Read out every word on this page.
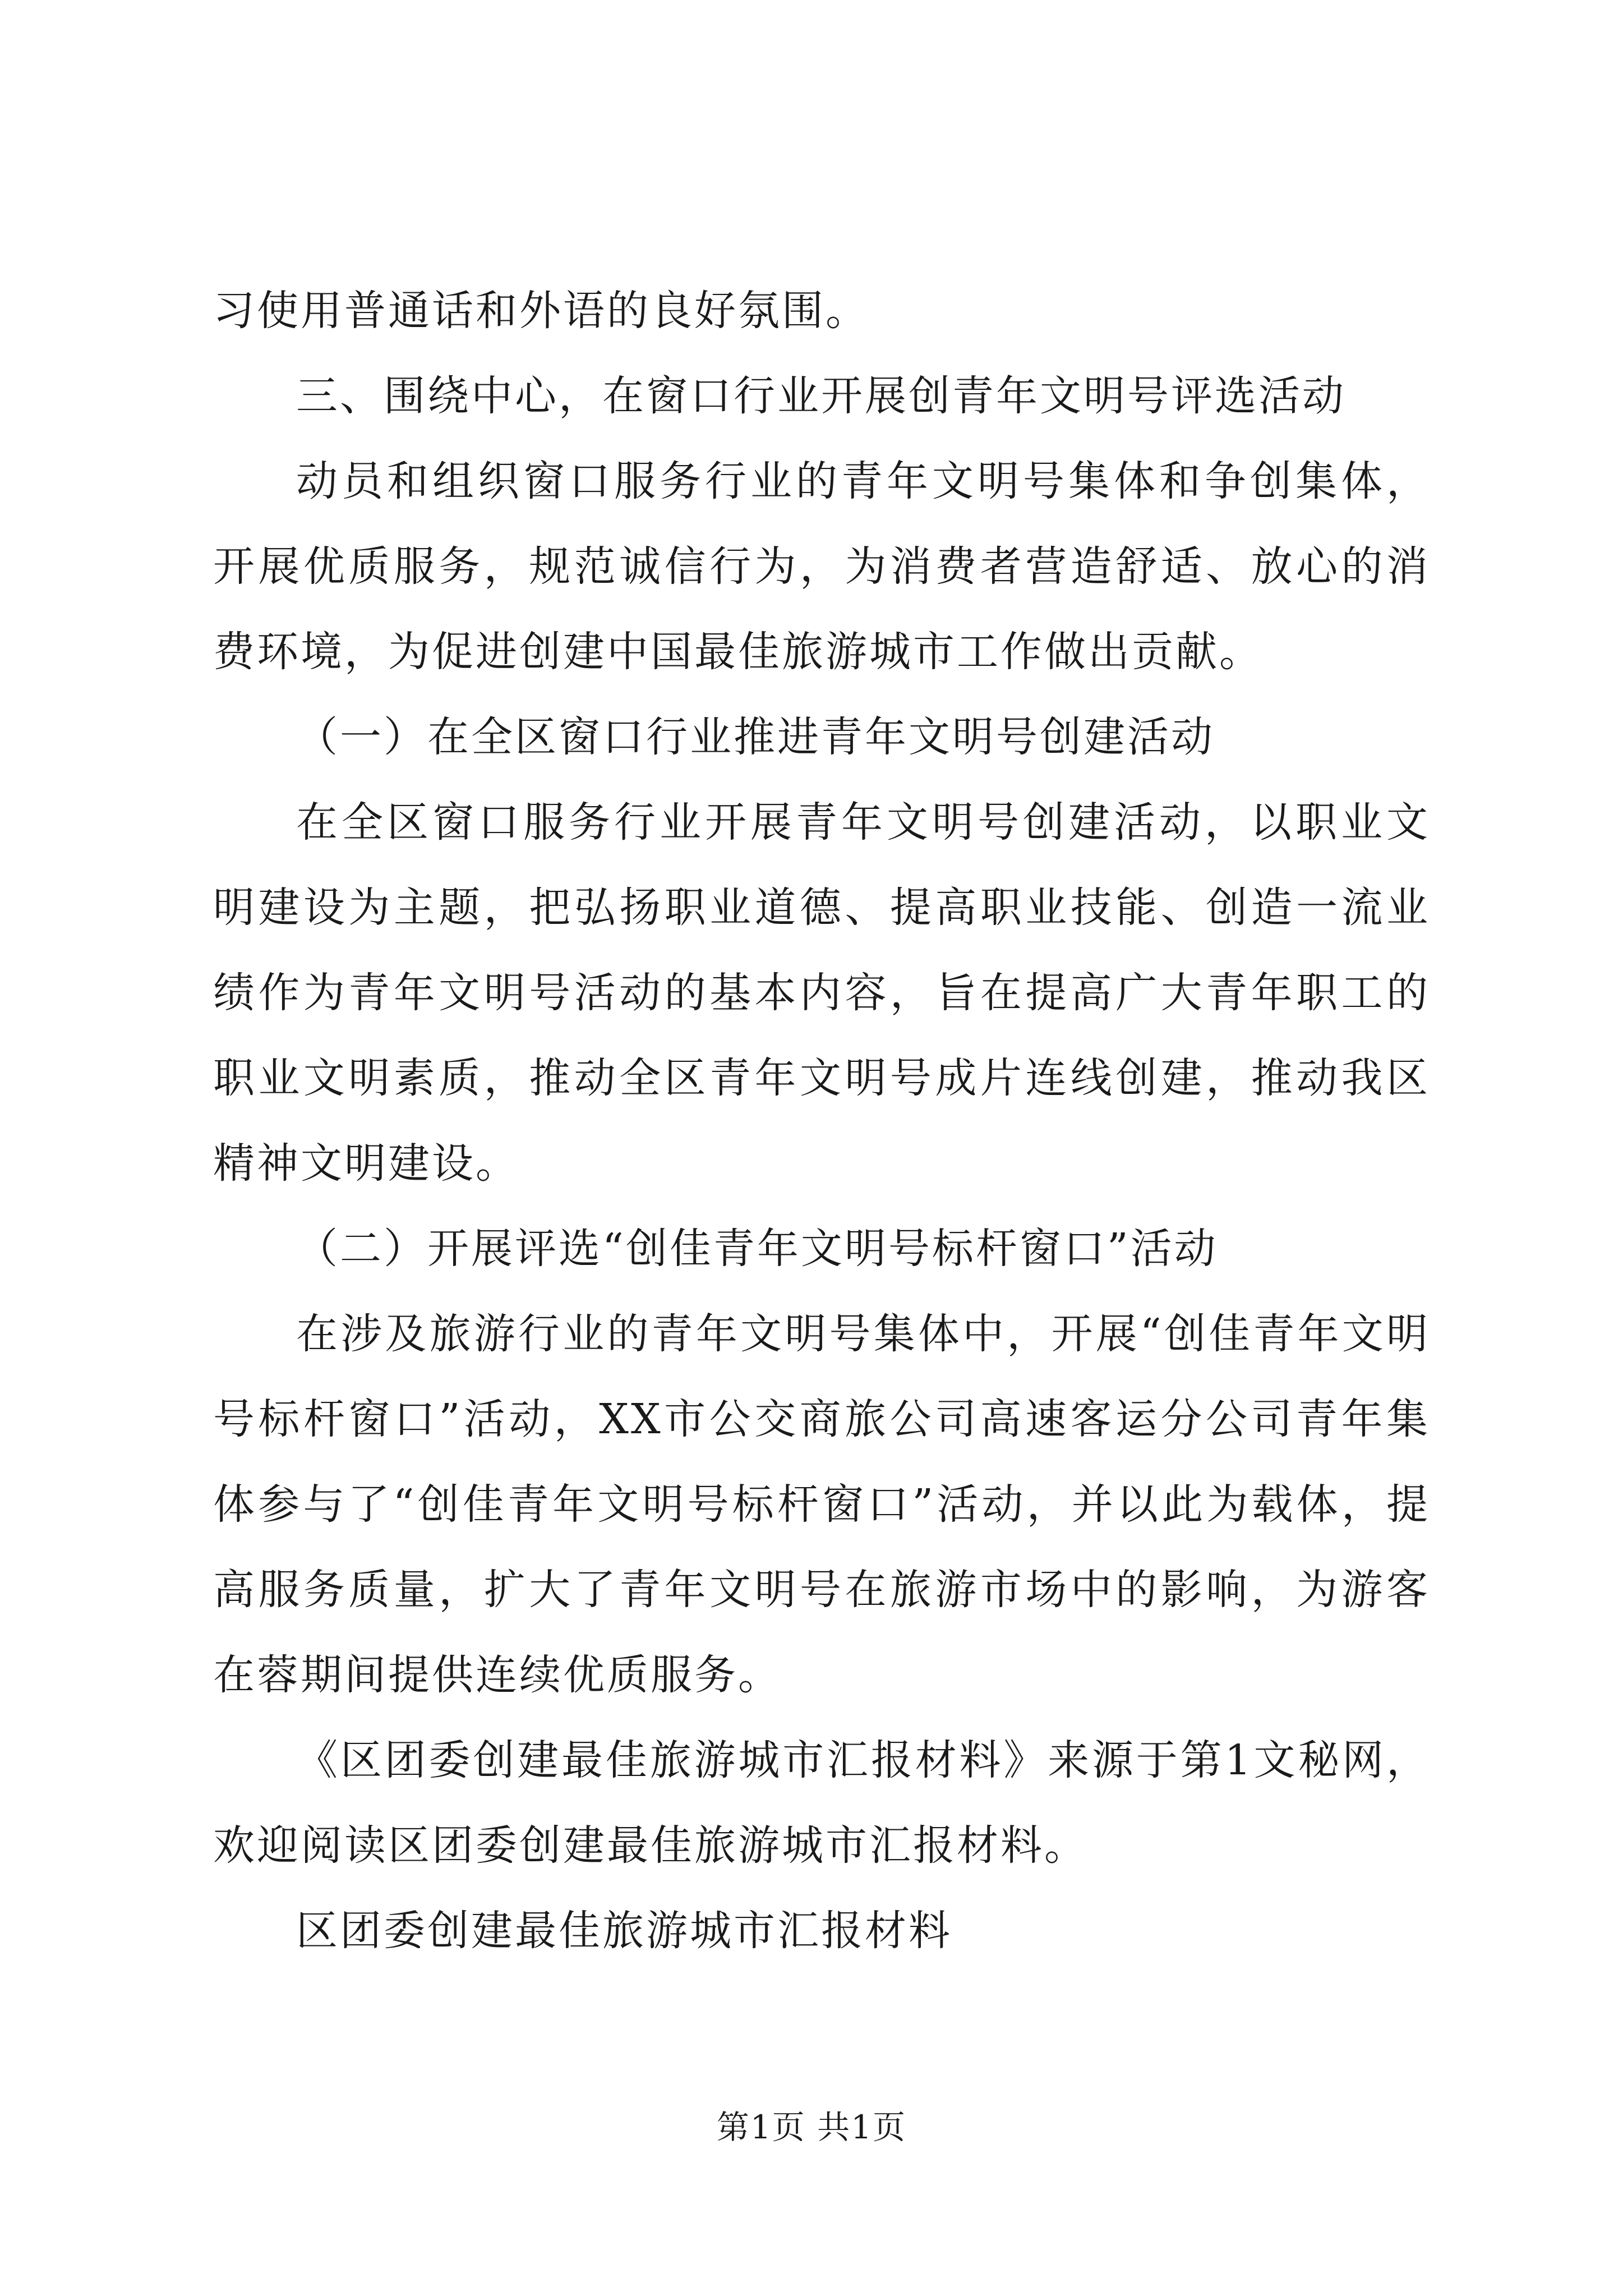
习使用普通话和外语的良好氛围。

三、围绕中心，在窗口行业开展创青年文明号评选活动

动员和组织窗口服务行业的青年文明号集体和争创集体，开展优质服务，规范诚信行为，为消费者营造舒适、放心的消费环境，为促进创建中国最佳旅游城市工作做出贡献。

（一）在全区窗口行业推进青年文明号创建活动

在全区窗口服务行业开展青年文明号创建活动，以职业文明建设为主题，把弘扬职业道德、提高职业技能、创造一流业绩作为青年文明号活动的基本内容，旨在提高广大青年职工的职业文明素质，推动全区青年文明号成片连线创建，推动我区精神文明建设。

（二）开展评选“创佳青年文明号标杆窗口”活动

在涉及旅游行业的青年文明号集体中，开展“创佳青年文明号标杆窗口”活动，XX市公交商旅公司高速客运分公司青年集体参与了“创佳青年文明号标杆窗口”活动，并以此为载体，提高服务质量，扩大了青年文明号在旅游市场中的影响，为游客在蓉期间提供连续优质服务。

《区团委创建最佳旅游城市汇报材料》来源于第1文秘网，欢迎阅读区团委创建最佳旅游城市汇报材料。

区团委创建最佳旅游城市汇报材料

第1页 共1页
